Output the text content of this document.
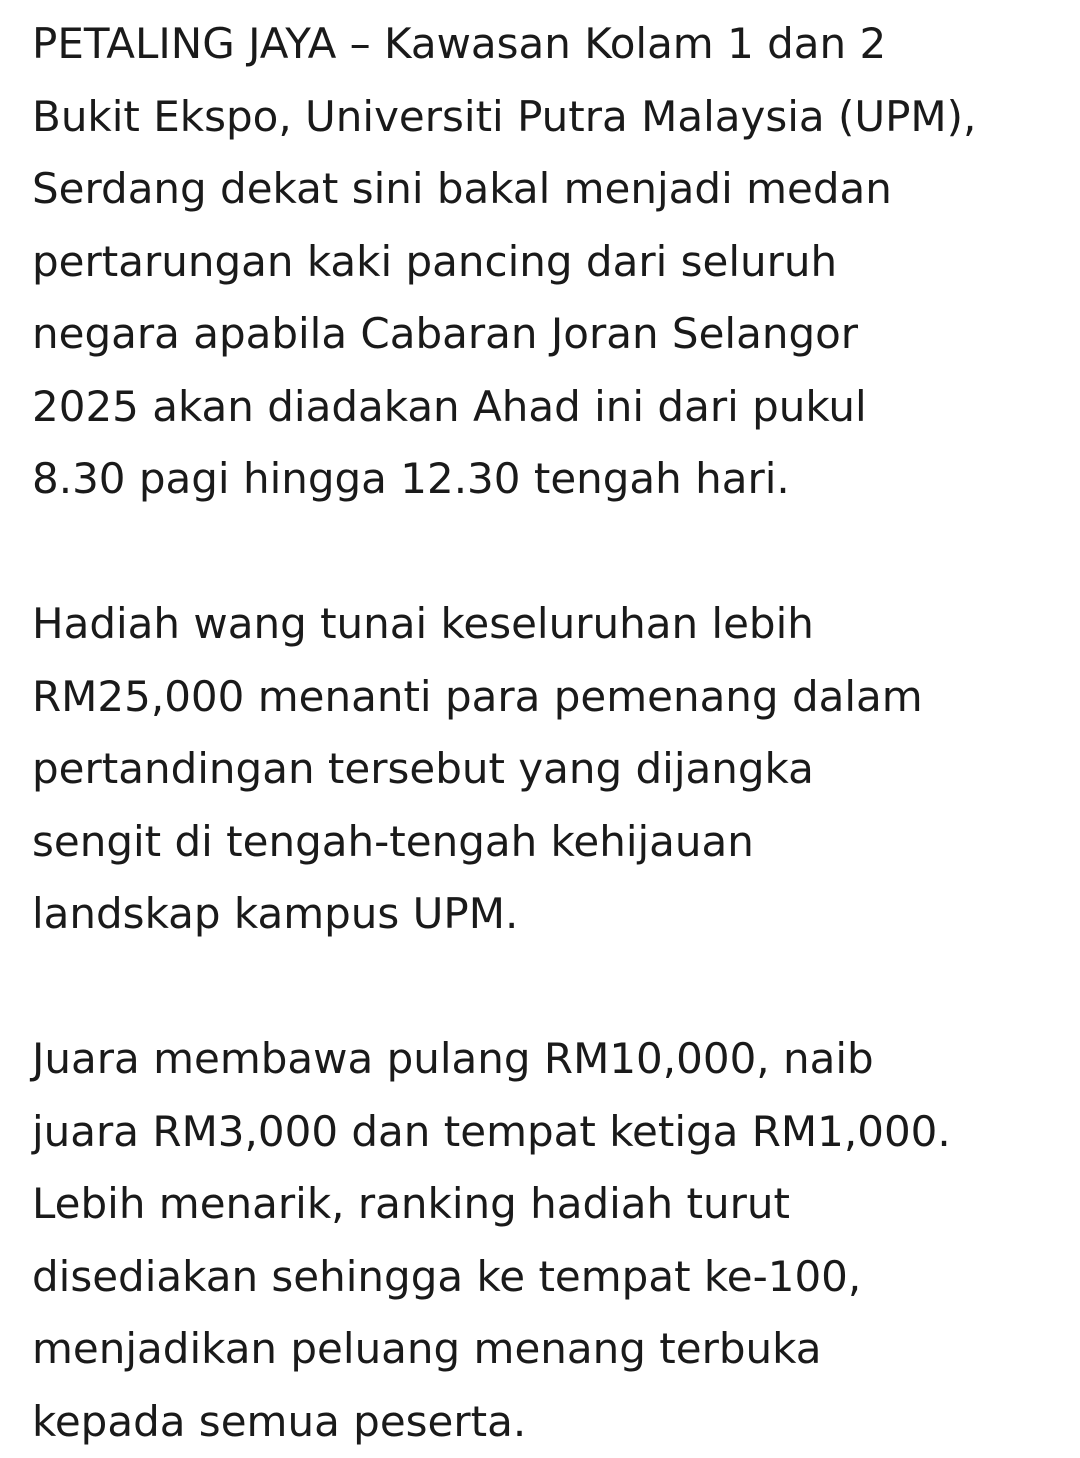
PETALING JAYA – Kawasan Kolam 1 dan 2
Bukit Ekspo, Universiti Putra Malaysia (UPM),
Serdang dekat sini bakal menjadi medan
pertarungan kaki pancing dari seluruh
negara apabila Cabaran Joran Selangor
2025 akan diadakan Ahad ini dari pukul
8.30 pagi hingga 12.30 tengah hari.

Hadiah wang tunai keseluruhan lebih
RM25,000 menanti para pemenang dalam
pertandingan tersebut yang dijangka
sengit di tengah-tengah kehijauan
landskap kampus UPM.

Juara membawa pulang RM10,000, naib
juara RM3,000 dan tempat ketiga RM1,000.
Lebih menarik, ranking hadiah turut
disediakan sehingga ke tempat ke-100,
menjadikan peluang menang terbuka
kepada semua peserta.
